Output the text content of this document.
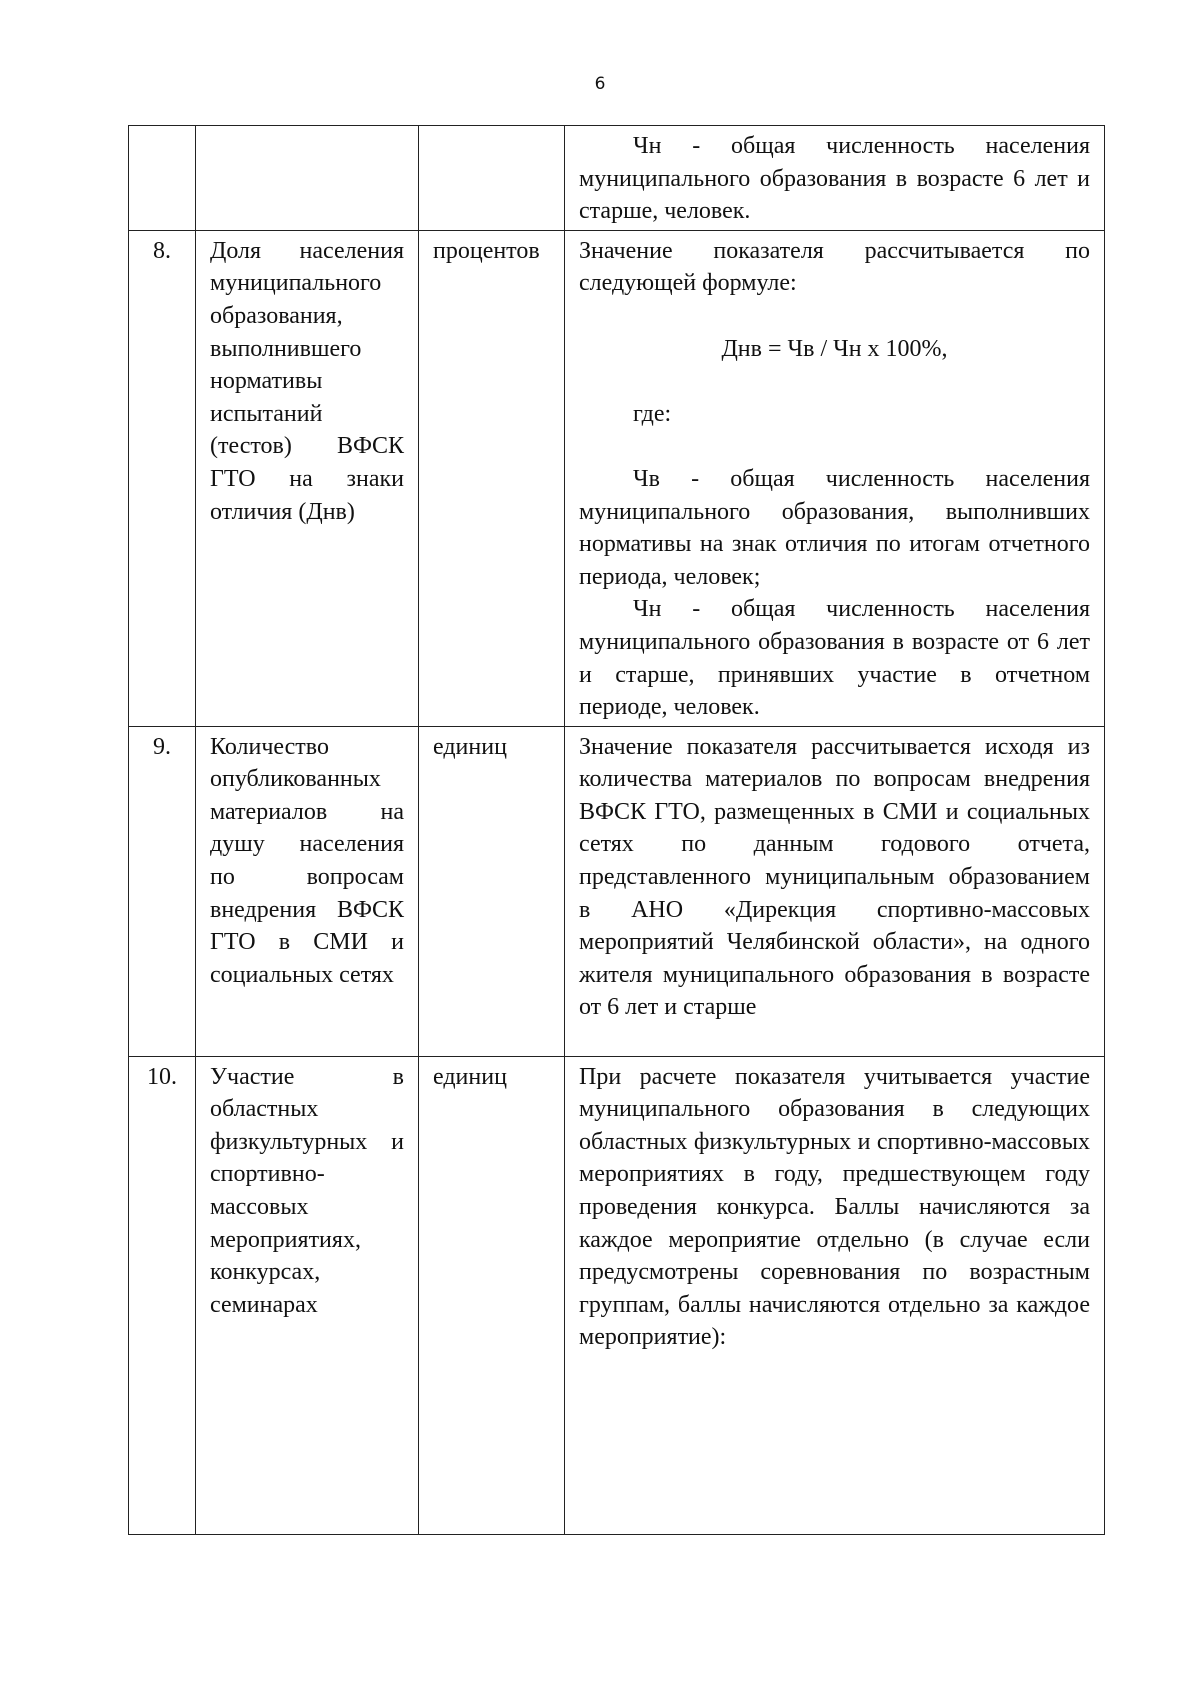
6

			Чн - общая численность населения муниципального образования в возрасте 6 лет и старше, человек.

8.	Доля населения муниципального образования, выполнившего нормативы испытаний (тестов) ВФСК ГТО на знаки отличия (Днв)	процентов	Значение показателя рассчитывается по следующей формуле:

Днв = Чв / Чн х 100%,

где:

Чв - общая численность населения муниципального образования, выполнивших нормативы на знак отличия по итогам отчетного периода, человек;

Чн - общая численность населения муниципального образования в возрасте от 6 лет и старше, принявших участие в отчетном периоде, человек.

9.	Количество опубликованных материалов на душу населения по вопросам внедрения ВФСК ГТО в СМИ и социальных сетях	единиц	Значение показателя рассчитывается исходя из количества материалов по вопросам внедрения ВФСК ГТО, размещенных в СМИ и социальных сетях по данным годового отчета, представленного муниципальным образованием в АНО «Дирекция спортивно-массовых мероприятий Челябинской области», на одного жителя муниципального образования в возрасте от 6 лет и старше

10.	Участие в областных физкультурных и спортивно-массовых мероприятиях, конкурсах, семинарах	единиц	При расчете показателя учитывается участие муниципального образования в следующих областных физкультурных и спортивно-массовых мероприятиях в году, предшествующем году проведения конкурса. Баллы начисляются за каждое мероприятие отдельно (в случае если предусмотрены соревнования по возрастным группам, баллы начисляются отдельно за каждое мероприятие):
